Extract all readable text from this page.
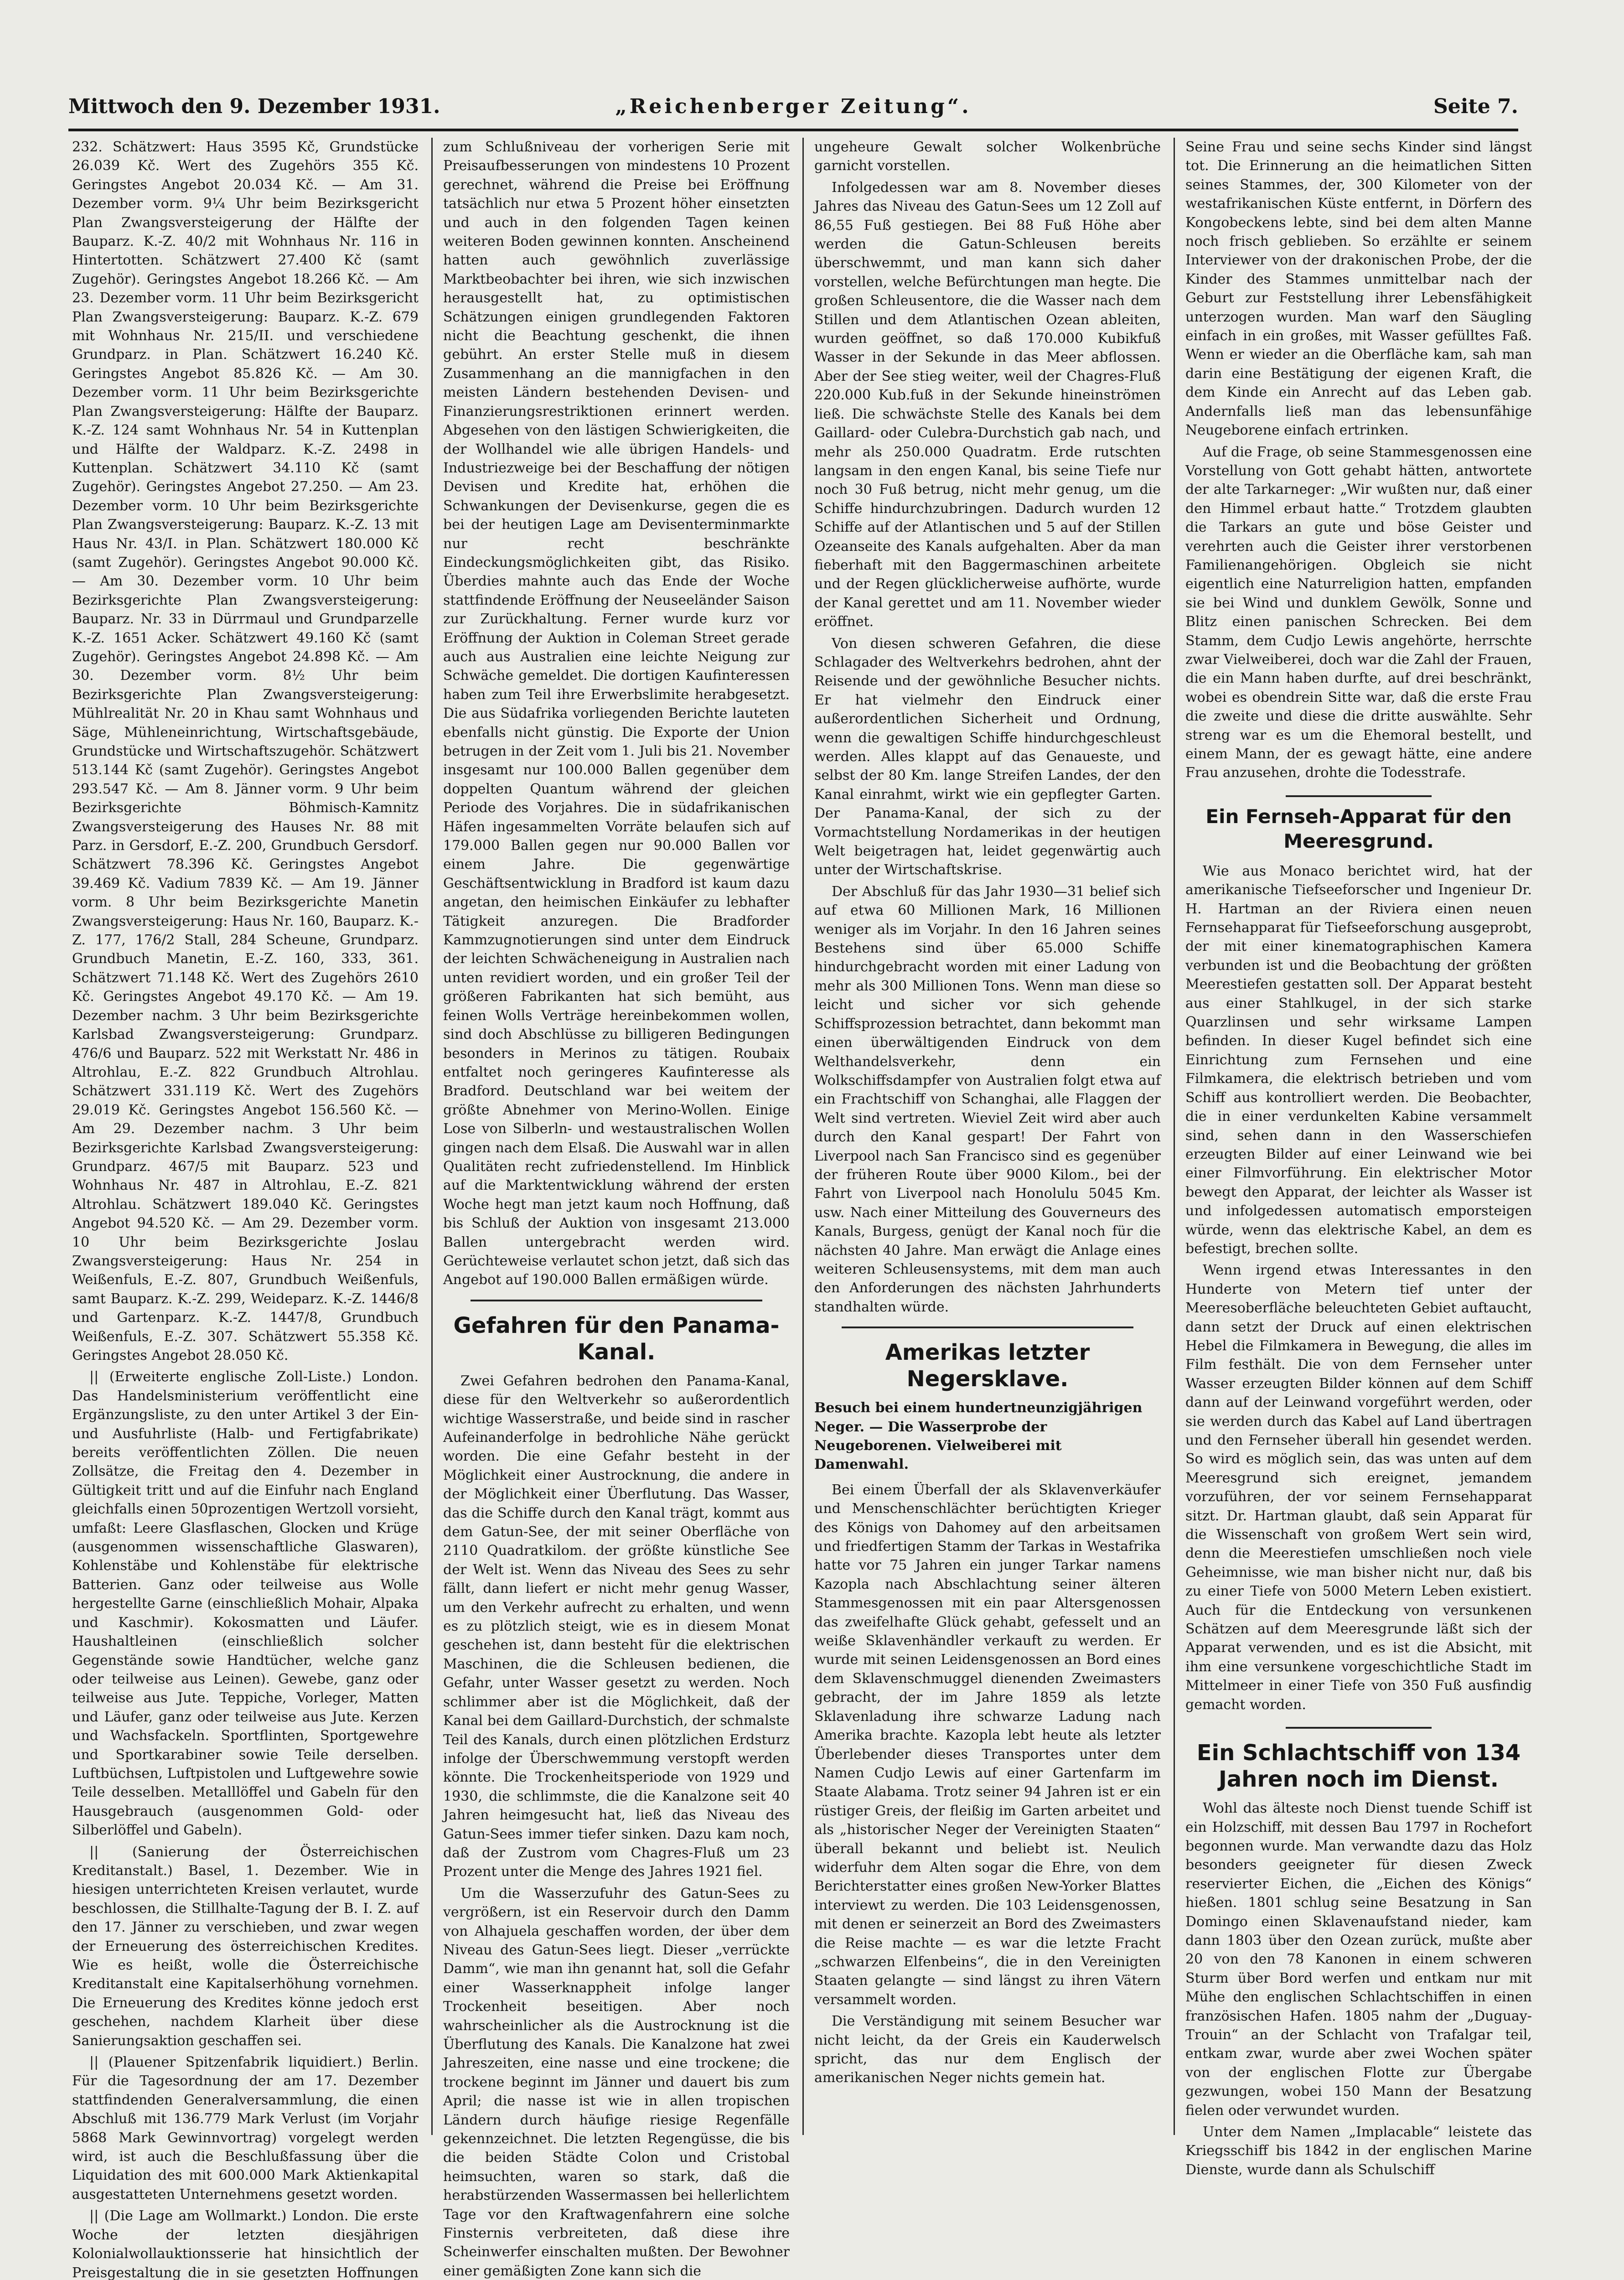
Mittwoch den 9. Dezember 1931.	„Reichenberger Zeitung“.	Seite 7.

232. Schätzwert: Haus 3595 Kč, Grundstücke 26.039 Kč. Wert des Zugehörs 355 Kč. Geringstes Angebot 20.034 Kč. — Am 31. Dezember vorm. 9¼ Uhr beim Bezirksgericht Plan Zwangsversteigerung der Hälfte der Bauparz. K.-Z. 40/2 mit Wohnhaus Nr. 116 in Hintertotten. Schätzwert 27.400 Kč (samt Zugehör). Geringstes Angebot 18.266 Kč. — Am 23. Dezember vorm. 11 Uhr beim Bezirksgericht Plan Zwangsversteigerung: Bauparz. K.-Z. 679 mit Wohnhaus Nr. 215/II. und verschiedene Grundparz. in Plan. Schätzwert 16.240 Kč. Geringstes Angebot 85.826 Kč. — Am 30. Dezember vorm. 11 Uhr beim Bezirksgerichte Plan Zwangsversteigerung: Hälfte der Bauparz. K.-Z. 124 samt Wohnhaus Nr. 54 in Kuttenplan und Hälfte der Waldparz. K.-Z. 2498 in Kuttenplan. Schätzwert 34.110 Kč (samt Zugehör). Geringstes Angebot 27.250. — Am 23. Dezember vorm. 10 Uhr beim Bezirksgerichte Plan Zwangsversteigerung: Bauparz. K.-Z. 13 mit Haus Nr. 43/I. in Plan. Schätzwert 180.000 Kč (samt Zugehör). Geringstes Angebot 90.000 Kč. — Am 30. Dezember vorm. 10 Uhr beim Bezirksgerichte Plan Zwangsversteigerung: Bauparz. Nr. 33 in Dürrmaul und Grundparzelle K.-Z. 1651 Acker. Schätzwert 49.160 Kč (samt Zugehör). Geringstes Angebot 24.898 Kč. — Am 30. Dezember vorm. 8½ Uhr beim Bezirksgerichte Plan Zwangsversteigerung: Mühlrealität Nr. 20 in Khau samt Wohnhaus und Säge, Mühleneinrichtung, Wirtschaftsgebäude, Grundstücke und Wirtschaftszugehör. Schätzwert 513.144 Kč (samt Zugehör). Geringstes Angebot 293.547 Kč. — Am 8. Jänner vorm. 9 Uhr beim Bezirksgerichte Böhmisch-Kamnitz Zwangsversteigerung des Hauses Nr. 88 mit Parz. in Gersdorf, E.-Z. 200, Grundbuch Gersdorf. Schätzwert 78.396 Kč. Geringstes Angebot 39.469 Kč. Vadium 7839 Kč. — Am 19. Jänner vorm. 8 Uhr beim Bezirksgerichte Manetin Zwangsversteigerung: Haus Nr. 160, Bauparz. K.-Z. 177, 176/2 Stall, 284 Scheune, Grundparz. Grundbuch Manetin, E.-Z. 160, 333, 361. Schätzwert 71.148 Kč. Wert des Zugehörs 2610 Kč. Geringstes Angebot 49.170 Kč. — Am 19. Dezember nachm. 3 Uhr beim Bezirksgerichte Karlsbad Zwangsversteigerung: Grundparz. 476/6 und Bauparz. 522 mit Werkstatt Nr. 486 in Altrohlau, E.-Z. 822 Grundbuch Altrohlau. Schätzwert 331.119 Kč. Wert des Zugehörs 29.019 Kč. Geringstes Angebot 156.560 Kč. — Am 29. Dezember nachm. 3 Uhr beim Bezirksgerichte Karlsbad Zwangsversteigerung: Grundparz. 467/5 mit Bauparz. 523 und Wohnhaus Nr. 487 in Altrohlau, E.-Z. 821 Altrohlau. Schätzwert 189.040 Kč. Geringstes Angebot 94.520 Kč. — Am 29. Dezember vorm. 10 Uhr beim Bezirksgerichte Joslau Zwangsversteigerung: Haus Nr. 254 in Weißenfuls, E.-Z. 807, Grundbuch Weißenfuls, samt Bauparz. K.-Z. 299, Weideparz. K.-Z. 1446/8 und Gartenparz. K.-Z. 1447/8, Grundbuch Weißenfuls, E.-Z. 307. Schätzwert 55.358 Kč. Geringstes Angebot 28.050 Kč.

|| (Erweiterte englische Zoll-Liste.) London. Das Handelsministerium veröffentlicht eine Ergänzungsliste, zu den unter Artikel 3 der Ein- und Ausfuhrliste (Halb- und Fertigfabrikate) bereits veröffentlichten Zöllen. Die neuen Zollsätze, die Freitag den 4. Dezember in Gültigkeit tritt und auf die Einfuhr nach England gleichfalls einen 50prozentigen Wertzoll vorsieht, umfaßt: Leere Glasflaschen, Glocken und Krüge (ausgenommen wissenschaftliche Glaswaren), Kohlenstäbe und Kohlenstäbe für elektrische Batterien. Ganz oder teilweise aus Wolle hergestellte Garne (einschließlich Mohair, Alpaka und Kaschmir). Kokosmatten und Läufer. Haushaltleinen (einschließlich solcher Gegenstände sowie Handtücher, welche ganz oder teilweise aus Leinen). Gewebe, ganz oder teilweise aus Jute. Teppiche, Vorleger, Matten und Läufer, ganz oder teilweise aus Jute. Kerzen und Wachsfackeln. Sportflinten, Sportgewehre und Sportkarabiner sowie Teile derselben. Luftbüchsen, Luftpistolen und Luftgewehre sowie Teile desselben. Metalllöffel und Gabeln für den Hausgebrauch (ausgenommen Gold- oder Silberlöffel und Gabeln).

|| (Sanierung der Österreichischen Kreditanstalt.) Basel, 1. Dezember. Wie in hiesigen unterrichteten Kreisen verlautet, wurde beschlossen, die Stillhalte-Tagung der B. I. Z. auf den 17. Jänner zu verschieben, und zwar wegen der Erneuerung des österreichischen Kredites. Wie es heißt, wolle die Österreichische Kreditanstalt eine Kapitalserhöhung vornehmen. Die Erneuerung des Kredites könne jedoch erst geschehen, nachdem Klarheit über diese Sanierungsaktion geschaffen sei.

|| (Plauener Spitzenfabrik liquidiert.) Berlin. Für die Tagesordnung der am 17. Dezember stattfindenden Generalversammlung, die einen Abschluß mit 136.779 Mark Verlust (im Vorjahr 5868 Mark Gewinnvortrag) vorgelegt werden wird, ist auch die Beschlußfassung über die Liquidation des mit 600.000 Mark Aktienkapital ausgestatteten Unternehmens gesetzt worden.

|| (Die Lage am Wollmarkt.) London. Die erste Woche der letzten diesjährigen Kolonialwollauktionsserie hat hinsichtlich der Preisgestaltung die in sie gesetzten Hoffnungen

zum Schlußniveau der vorherigen Serie mit Preisaufbesserungen von mindestens 10 Prozent gerechnet, während die Preise bei Eröffnung tatsächlich nur etwa 5 Prozent höher einsetzten und auch in den folgenden Tagen keinen weiteren Boden gewinnen konnten. Anscheinend hatten auch gewöhnlich zuverlässige Marktbeobachter bei ihren, wie sich inzwischen herausgestellt hat, zu optimistischen Schätzungen einigen grundlegenden Faktoren nicht die Beachtung geschenkt, die ihnen gebührt. An erster Stelle muß in diesem Zusammenhang an die mannigfachen in den meisten Ländern bestehenden Devisen- und Finanzierungsrestriktionen erinnert werden. Abgesehen von den lästigen Schwierigkeiten, die der Wollhandel wie alle übrigen Handels- und Industriezweige bei der Beschaffung der nötigen Devisen und Kredite hat, erhöhen die Schwankungen der Devisenkurse, gegen die es bei der heutigen Lage am Devisenterminmarkte nur recht beschränkte Eindeckungsmöglichkeiten gibt, das Risiko. Überdies mahnte auch das Ende der Woche stattfindende Eröffnung der Neuseeländer Saison zur Zurückhaltung. Ferner wurde kurz vor Eröffnung der Auktion in Coleman Street gerade auch aus Australien eine leichte Neigung zur Schwäche gemeldet. Die dortigen Kaufinteressen haben zum Teil ihre Erwerbslimite herabgesetzt. Die aus Südafrika vorliegenden Berichte lauteten ebenfalls nicht günstig. Die Exporte der Union betrugen in der Zeit vom 1. Juli bis 21. November insgesamt nur 100.000 Ballen gegenüber dem doppelten Quantum während der gleichen Periode des Vorjahres. Die in südafrikanischen Häfen ingesammelten Vorräte belaufen sich auf 179.000 Ballen gegen nur 90.000 Ballen vor einem Jahre. Die gegenwärtige Geschäftsentwicklung in Bradford ist kaum dazu angetan, den heimischen Einkäufer zu lebhafter Tätigkeit anzuregen. Die Bradforder Kammzugnotierungen sind unter dem Eindruck der leichten Schwächeneigung in Australien nach unten revidiert worden, und ein großer Teil der größeren Fabrikanten hat sich bemüht, aus feinen Wolls Verträge hereinbekommen wollen, sind doch Abschlüsse zu billigeren Bedingungen besonders in Merinos zu tätigen. Roubaix entfaltet noch geringeres Kaufinteresse als Bradford. Deutschland war bei weitem der größte Abnehmer von Merino-Wollen. Einige Lose von Silberln- und westaustralischen Wollen gingen nach dem Elsaß. Die Auswahl war in allen Qualitäten recht zufriedenstellend. Im Hinblick auf die Marktentwicklung während der ersten Woche hegt man jetzt kaum noch Hoffnung, daß bis Schluß der Auktion von insgesamt 213.000 Ballen untergebracht werden wird. Gerüchteweise verlautet schon jetzt, daß sich das Angebot auf 190.000 Ballen ermäßigen würde.

Gefahren für den Panama-Kanal.

Zwei Gefahren bedrohen den Panama-Kanal, diese für den Weltverkehr so außerordentlich wichtige Wasserstraße, und beide sind in rascher Aufeinanderfolge in bedrohliche Nähe gerückt worden. Die eine Gefahr besteht in der Möglichkeit einer Austrocknung, die andere in der Möglichkeit einer Überflutung. Das Wasser, das die Schiffe durch den Kanal trägt, kommt aus dem Gatun-See, der mit seiner Oberfläche von 2110 Quadratkilom. der größte künstliche See der Welt ist. Wenn das Niveau des Sees zu sehr fällt, dann liefert er nicht mehr genug Wasser, um den Verkehr aufrecht zu erhalten, und wenn es zu plötzlich steigt, wie es in diesem Monat geschehen ist, dann besteht für die elektrischen Maschinen, die die Schleusen bedienen, die Gefahr, unter Wasser gesetzt zu werden. Noch schlimmer aber ist die Möglichkeit, daß der Kanal bei dem Gaillard-Durchstich, der schmalste Teil des Kanals, durch einen plötzlichen Erdsturz infolge der Überschwemmung verstopft werden könnte. Die Trockenheitsperiode von 1929 und 1930, die schlimmste, die die Kanalzone seit 40 Jahren heimgesucht hat, ließ das Niveau des Gatun-Sees immer tiefer sinken. Dazu kam noch, daß der Zustrom vom Chagres-Fluß um 23 Prozent unter die Menge des Jahres 1921 fiel.

Um die Wasserzufuhr des Gatun-Sees zu vergrößern, ist ein Reservoir durch den Damm von Alhajuela geschaffen worden, der über dem Niveau des Gatun-Sees liegt. Dieser „verrückte Damm“, wie man ihn genannt hat, soll die Gefahr einer Wasserknappheit infolge langer Trockenheit beseitigen. Aber noch wahrscheinlicher als die Austrocknung ist die Überflutung des Kanals. Die Kanalzone hat zwei Jahreszeiten, eine nasse und eine trockene; die trockene beginnt im Jänner und dauert bis zum April; die nasse ist wie in allen tropischen Ländern durch häufige riesige Regenfälle gekennzeichnet. Die letzten Regengüsse, die bis die beiden Städte Colon und Cristobal heimsuchten, waren so stark, daß die herabstürzenden Wassermassen bei hellerlichtem Tage vor den Kraftwagenfahrern eine solche Finsternis verbreiteten, daß diese ihre Scheinwerfer einschalten mußten. Der Bewohner einer gemäßigten Zone kann sich die

ungeheure Gewalt solcher Wolkenbrüche garnicht vorstellen.

Infolgedessen war am 8. November dieses Jahres das Niveau des Gatun-Sees um 12 Zoll auf 86,55 Fuß gestiegen. Bei 88 Fuß Höhe aber werden die Gatun-Schleusen bereits überschwemmt, und man kann sich daher vorstellen, welche Befürchtungen man hegte. Die großen Schleusentore, die die Wasser nach dem Stillen und dem Atlantischen Ozean ableiten, wurden geöffnet, so daß 170.000 Kubikfuß Wasser in der Sekunde in das Meer abflossen. Aber der See stieg weiter, weil der Chagres-Fluß 220.000 Kub.fuß in der Sekunde hineinströmen ließ. Die schwächste Stelle des Kanals bei dem Gaillard- oder Culebra-Durchstich gab nach, und mehr als 250.000 Quadratm. Erde rutschten langsam in den engen Kanal, bis seine Tiefe nur noch 30 Fuß betrug, nicht mehr genug, um die Schiffe hindurchzubringen. Dadurch wurden 12 Schiffe auf der Atlantischen und 5 auf der Stillen Ozeanseite des Kanals aufgehalten. Aber da man fieberhaft mit den Baggermaschinen arbeitete und der Regen glücklicherweise aufhörte, wurde der Kanal gerettet und am 11. November wieder eröffnet.

Von diesen schweren Gefahren, die diese Schlagader des Weltverkehrs bedrohen, ahnt der Reisende und der gewöhnliche Besucher nichts. Er hat vielmehr den Eindruck einer außerordentlichen Sicherheit und Ordnung, wenn die gewaltigen Schiffe hindurchgeschleust werden. Alles klappt auf das Genaueste, und selbst der 80 Km. lange Streifen Landes, der den Kanal einrahmt, wirkt wie ein gepflegter Garten. Der Panama-Kanal, der sich zu der Vormachtstellung Nordamerikas in der heutigen Welt beigetragen hat, leidet gegenwärtig auch unter der Wirtschaftskrise.

Der Abschluß für das Jahr 1930—31 belief sich auf etwa 60 Millionen Mark, 16 Millionen weniger als im Vorjahr. In den 16 Jahren seines Bestehens sind über 65.000 Schiffe hindurchgebracht worden mit einer Ladung von mehr als 300 Millionen Tons. Wenn man diese so leicht und sicher vor sich gehende Schiffsprozession betrachtet, dann bekommt man einen überwältigenden Eindruck von dem Welthandelsverkehr, denn ein Wolkschiffsdampfer von Australien folgt etwa auf ein Frachtschiff von Schanghai, alle Flaggen der Welt sind vertreten. Wieviel Zeit wird aber auch durch den Kanal gespart! Der Fahrt von Liverpool nach San Francisco sind es gegenüber der früheren Route über 9000 Kilom., bei der Fahrt von Liverpool nach Honolulu 5045 Km. usw. Nach einer Mitteilung des Gouverneurs des Kanals, Burgess, genügt der Kanal noch für die nächsten 40 Jahre. Man erwägt die Anlage eines weiteren Schleusensystems, mit dem man auch den Anforderungen des nächsten Jahrhunderts standhalten würde.

Amerikas letzter Negersklave.

Besuch bei einem hundertneunzigjährigen Neger. — Die Wasserprobe der Neugeborenen. Vielweiberei mit Damenwahl.

Bei einem Überfall der als Sklavenverkäufer und Menschenschlächter berüchtigten Krieger des Königs von Dahomey auf den arbeitsamen und friedfertigen Stamm der Tarkas in Westafrika hatte vor 75 Jahren ein junger Tarkar namens Kazopla nach Abschlachtung seiner älteren Stammesgenossen mit ein paar Altersgenossen das zweifelhafte Glück gehabt, gefesselt und an weiße Sklavenhändler verkauft zu werden. Er wurde mit seinen Leidensgenossen an Bord eines dem Sklavenschmuggel dienenden Zweimasters gebracht, der im Jahre 1859 als letzte Sklavenladung ihre schwarze Ladung nach Amerika brachte. Kazopla lebt heute als letzter Überlebender dieses Transportes unter dem Namen Cudjo Lewis auf einer Gartenfarm im Staate Alabama. Trotz seiner 94 Jahren ist er ein rüstiger Greis, der fleißig im Garten arbeitet und als „historischer Neger der Vereinigten Staaten“ überall bekannt und beliebt ist. Neulich widerfuhr dem Alten sogar die Ehre, von dem Berichterstatter eines großen New-Yorker Blattes interviewt zu werden. Die 103 Leidensgenossen, mit denen er seinerzeit an Bord des Zweimasters die Reise machte — es war die letzte Fracht „schwarzen Elfenbeins“, die in den Vereinigten Staaten gelangte — sind längst zu ihren Vätern versammelt worden.

Die Verständigung mit seinem Besucher war nicht leicht, da der Greis ein Kauderwelsch spricht, das nur dem Englisch der amerikanischen Neger nichts gemein hat.

Seine Frau und seine sechs Kinder sind längst tot. Die Erinnerung an die heimatlichen Sitten seines Stammes, der, 300 Kilometer von der westafrikanischen Küste entfernt, in Dörfern des Kongobeckens lebte, sind bei dem alten Manne noch frisch geblieben. So erzählte er seinem Interviewer von der drakonischen Probe, der die Kinder des Stammes unmittelbar nach der Geburt zur Feststellung ihrer Lebensfähigkeit unterzogen wurden. Man warf den Säugling einfach in ein großes, mit Wasser gefülltes Faß. Wenn er wieder an die Oberfläche kam, sah man darin eine Bestätigung der eigenen Kraft, die dem Kinde ein Anrecht auf das Leben gab. Andernfalls ließ man das lebensunfähige Neugeborene einfach ertrinken.

Auf die Frage, ob seine Stammesgenossen eine Vorstellung von Gott gehabt hätten, antwortete der alte Tarkarneger: „Wir wußten nur, daß einer den Himmel erbaut hatte.“ Trotzdem glaubten die Tarkars an gute und böse Geister und verehrten auch die Geister ihrer verstorbenen Familienangehörigen. Obgleich sie nicht eigentlich eine Naturreligion hatten, empfanden sie bei Wind und dunklem Gewölk, Sonne und Blitz einen panischen Schrecken. Bei dem Stamm, dem Cudjo Lewis angehörte, herrschte zwar Vielweiberei, doch war die Zahl der Frauen, die ein Mann haben durfte, auf drei beschränkt, wobei es obendrein Sitte war, daß die erste Frau die zweite und diese die dritte auswählte. Sehr streng war es um die Ehemoral bestellt, und einem Mann, der es gewagt hätte, eine andere Frau anzusehen, drohte die Todesstrafe.

Ein Fernseh-Apparat für den Meeresgrund.

Wie aus Monaco berichtet wird, hat der amerikanische Tiefseeforscher und Ingenieur Dr. H. Hartman an der Riviera einen neuen Fernsehapparat für Tiefseeforschung ausgeprobt, der mit einer kinematographischen Kamera verbunden ist und die Beobachtung der größten Meerestiefen gestatten soll. Der Apparat besteht aus einer Stahlkugel, in der sich starke Quarzlinsen und sehr wirksame Lampen befinden. In dieser Kugel befindet sich eine Einrichtung zum Fernsehen und eine Filmkamera, die elektrisch betrieben und vom Schiff aus kontrolliert werden. Die Beobachter, die in einer verdunkelten Kabine versammelt sind, sehen dann in den Wasserschiefen erzeugten Bilder auf einer Leinwand wie bei einer Filmvorführung. Ein elektrischer Motor bewegt den Apparat, der leichter als Wasser ist und infolgedessen automatisch emporsteigen würde, wenn das elektrische Kabel, an dem es befestigt, brechen sollte.

Wenn irgend etwas Interessantes in den Hunderte von Metern tief unter der Meeresoberfläche beleuchteten Gebiet auftaucht, dann setzt der Druck auf einen elektrischen Hebel die Filmkamera in Bewegung, die alles im Film festhält. Die von dem Fernseher unter Wasser erzeugten Bilder können auf dem Schiff dann auf der Leinwand vorgeführt werden, oder sie werden durch das Kabel auf Land übertragen und den Fernseher überall hin gesendet werden. So wird es möglich sein, das was unten auf dem Meeresgrund sich ereignet, jemandem vorzuführen, der vor seinem Fernsehapparat sitzt. Dr. Hartman glaubt, daß sein Apparat für die Wissenschaft von großem Wert sein wird, denn die Meerestiefen umschließen noch viele Geheimnisse, wie man bisher nicht nur, daß bis zu einer Tiefe von 5000 Metern Leben existiert. Auch für die Entdeckung von versunkenen Schätzen auf dem Meeresgrunde läßt sich der Apparat verwenden, und es ist die Absicht, mit ihm eine versunkene vorgeschichtliche Stadt im Mittelmeer in einer Tiefe von 350 Fuß ausfindig gemacht worden.

Ein Schlachtschiff von 134 Jahren noch im Dienst.

Wohl das älteste noch Dienst tuende Schiff ist ein Holzschiff, mit dessen Bau 1797 in Rochefort begonnen wurde. Man verwandte dazu das Holz besonders geeigneter für diesen Zweck reservierter Eichen, die „Eichen des Königs“ hießen. 1801 schlug seine Besatzung in San Domingo einen Sklavenaufstand nieder, kam dann 1803 über den Ozean zurück, mußte aber 20 von den 78 Kanonen in einem schweren Sturm über Bord werfen und entkam nur mit Mühe den englischen Schlachtschiffen in einen französischen Hafen. 1805 nahm der „Duguay-Trouin“ an der Schlacht von Trafalgar teil, entkam zwar, wurde aber zwei Wochen später von der englischen Flotte zur Übergabe gezwungen, wobei 150 Mann der Besatzung fielen oder verwundet wurden.

Unter dem Namen „Implacable“ leistete das Kriegsschiff bis 1842 in der englischen Marine Dienste, wurde dann als Schulschiff
